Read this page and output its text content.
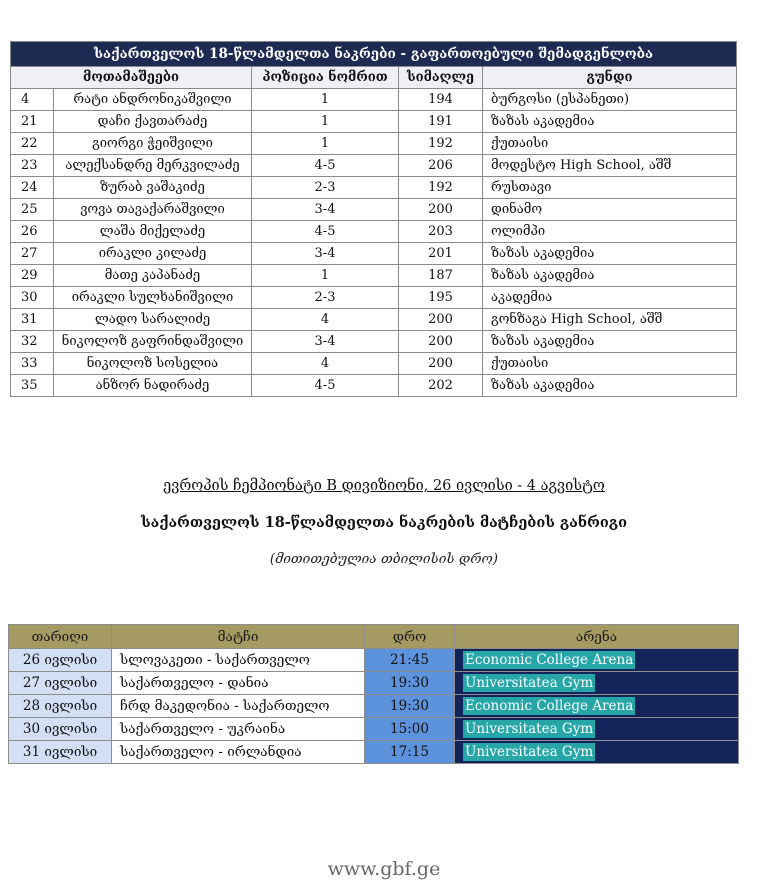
საქართველოს 18-წლამდელთა ნაკრები - გაფართოებული შემადგენლობა				
მოთამაშეები		პოზიცია ნომრით	სიმაღლე	გუნდი
4	რატი ანდრონიკაშვილი	1	194	ბურგოსი (ესპანეთი)
21	დაჩი ქავთარაძე	1	191	ზაზას აკადემია
22	გიორგი ჭეიშვილი	1	192	ქუთაისი
23	ალექსანდრე მერკვილაძე	4-5	206	მოდესტო High School, აშშ
24	ზურაბ ვაშაკიძე	2-3	192	რუსთავი
25	ვოვა თავაქარაშვილი	3-4	200	დინამო
26	ლაშა მიქელაძე	4-5	203	ოლიმპი
27	ირაკლი კილაძე	3-4	201	ზაზას აკადემია
29	მათე კაპანაძე	1	187	ზაზას აკადემია
30	ირაკლი სულხანიშვილი	2-3	195	აკადემია
31	ლადო სარალიძე	4	200	გონზაგა High School, აშშ
32	ნიკოლოზ გაფრინდაშვილი	3-4	200	ზაზას აკადემია
33	ნიკოლოზ სოსელია	4	200	ქუთაისი
35	ანზორ ნადირაძე	4-5	202	ზაზას აკადემია
ევროპის ჩემპიონატი B დივიზიონი, 26 ივლისი - 4 აგვისტო
საქართველოს 18-წლამდელთა ნაკრების მატჩების განრიგი
(მითითებულია თბილისის დრო)
თარიღი	მატჩი	დრო	არენა
26 ივლისი	სლოვაკეთი - საქართველო	21:45	Economic College Arena
27 ივლისი	საქართველო - დანია	19:30	Universitatea Gym
28 ივლისი	ჩრდ მაკედონია - საქართელო	19:30	Economic College Arena
30 ივლისი	საქართველო - უკრაინა	15:00	Universitatea Gym
31 ივლისი	საქართველო - ირლანდია	17:15	Universitatea Gym
www.gbf.ge
